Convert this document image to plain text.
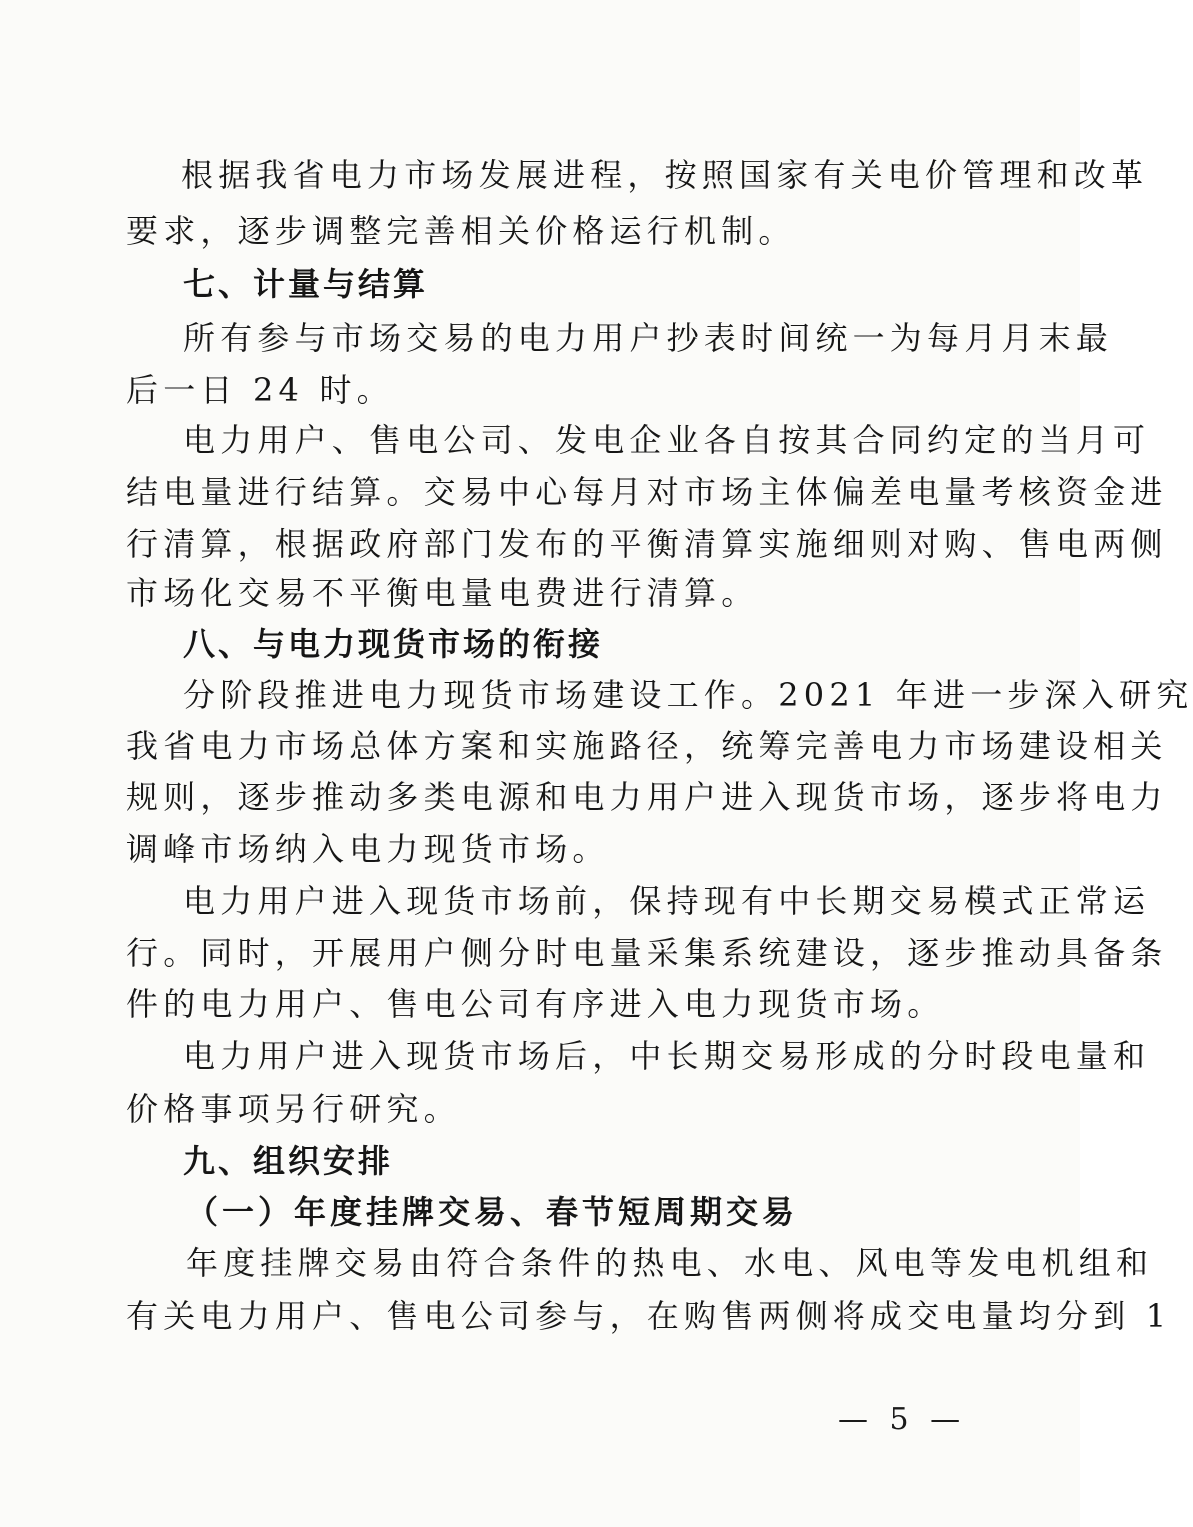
根据我省电力市场发展进程，按照国家有关电价管理和改革
要求，逐步调整完善相关价格运行机制。
七、计量与结算
所有参与市场交易的电力用户抄表时间统一为每月月末最
后一日 24 时。
电力用户、售电公司、发电企业各自按其合同约定的当月可
结电量进行结算。交易中心每月对市场主体偏差电量考核资金进
行清算，根据政府部门发布的平衡清算实施细则对购、售电两侧
市场化交易不平衡电量电费进行清算。
八、与电力现货市场的衔接
分阶段推进电力现货市场建设工作。2021 年进一步深入研究
我省电力市场总体方案和实施路径，统筹完善电力市场建设相关
规则，逐步推动多类电源和电力用户进入现货市场，逐步将电力
调峰市场纳入电力现货市场。
电力用户进入现货市场前，保持现有中长期交易模式正常运
行。同时，开展用户侧分时电量采集系统建设，逐步推动具备条
件的电力用户、售电公司有序进入电力现货市场。
电力用户进入现货市场后，中长期交易形成的分时段电量和
价格事项另行研究。
九、组织安排
（一）年度挂牌交易、春节短周期交易
年度挂牌交易由符合条件的热电、水电、风电等发电机组和
有关电力用户、售电公司参与，在购售两侧将成交电量均分到 1
— 5 —
